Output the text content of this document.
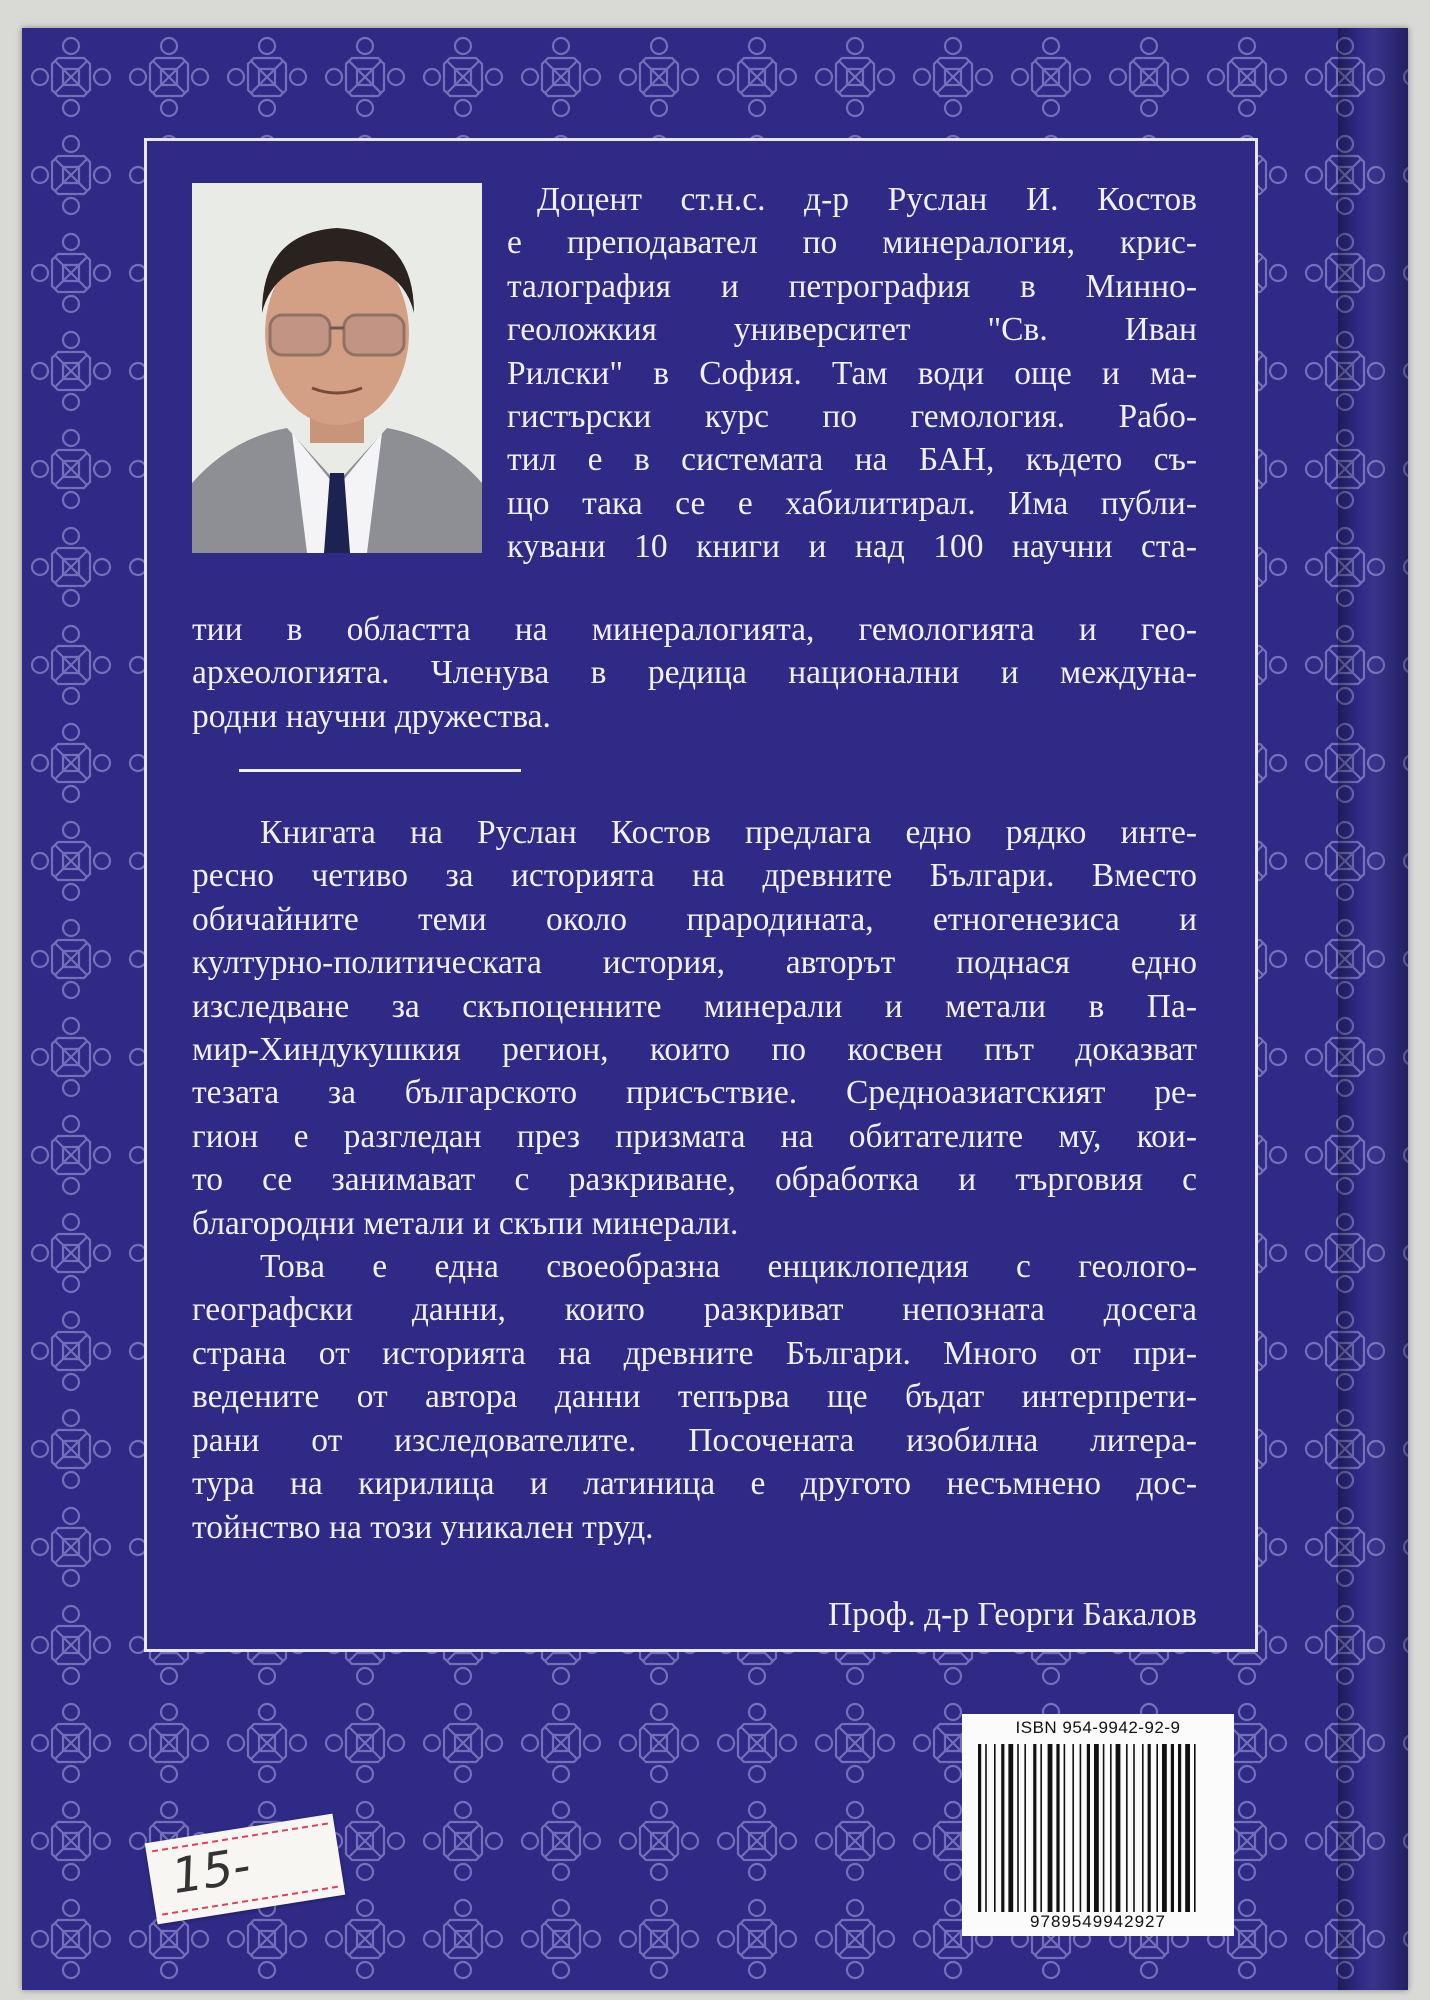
Доцент ст.н.с. д-р Руслан И. Костов
е преподавател по минералогия, крис-
талография и петрография в Минно-
геоложкия университет "Св. Иван
Рилски" в София. Там води още и ма-
гистърски курс по гемология. Рабо-
тил е в системата на БАН, където съ-
що така се е хабилитирал. Има публи-
кувани 10 книги и над 100 научни ста-
тии в областта на минералогията, гемологията и гео-
археологията. Членува в редица национални и междуна-
родни научни дружества.
Книгата на Руслан Костов предлага едно рядко инте-
ресно четиво за историята на древните Българи. Вместо
обичайните теми около прародината, етногенезиса и
културно-политическата история, авторът поднася едно
изследване за скъпоценните минерали и метали в Па-
мир-Хиндукушкия регион, които по косвен път доказват
тезата за българското присъствие. Средноазиатският ре-
гион е разгледан през призмата на обитателите му, кои-
то се занимават с разкриване, обработка и търговия с
благородни метали и скъпи минерали.
Това е една своеобразна енциклопедия с геолого-
географски данни, които разкриват непозната досега
страна от историята на древните Българи. Много от при-
ведените от автора данни тепърва ще бъдат интерпрети-
рани от изследователите. Посочената изобилна литера-
тура на кирилица и латиница е другото несъмнено дос-
тойнство на този уникален труд.
Проф. д-р Георги Бакалов
ISBN 954-9942-92-9
9789549942927
15-
